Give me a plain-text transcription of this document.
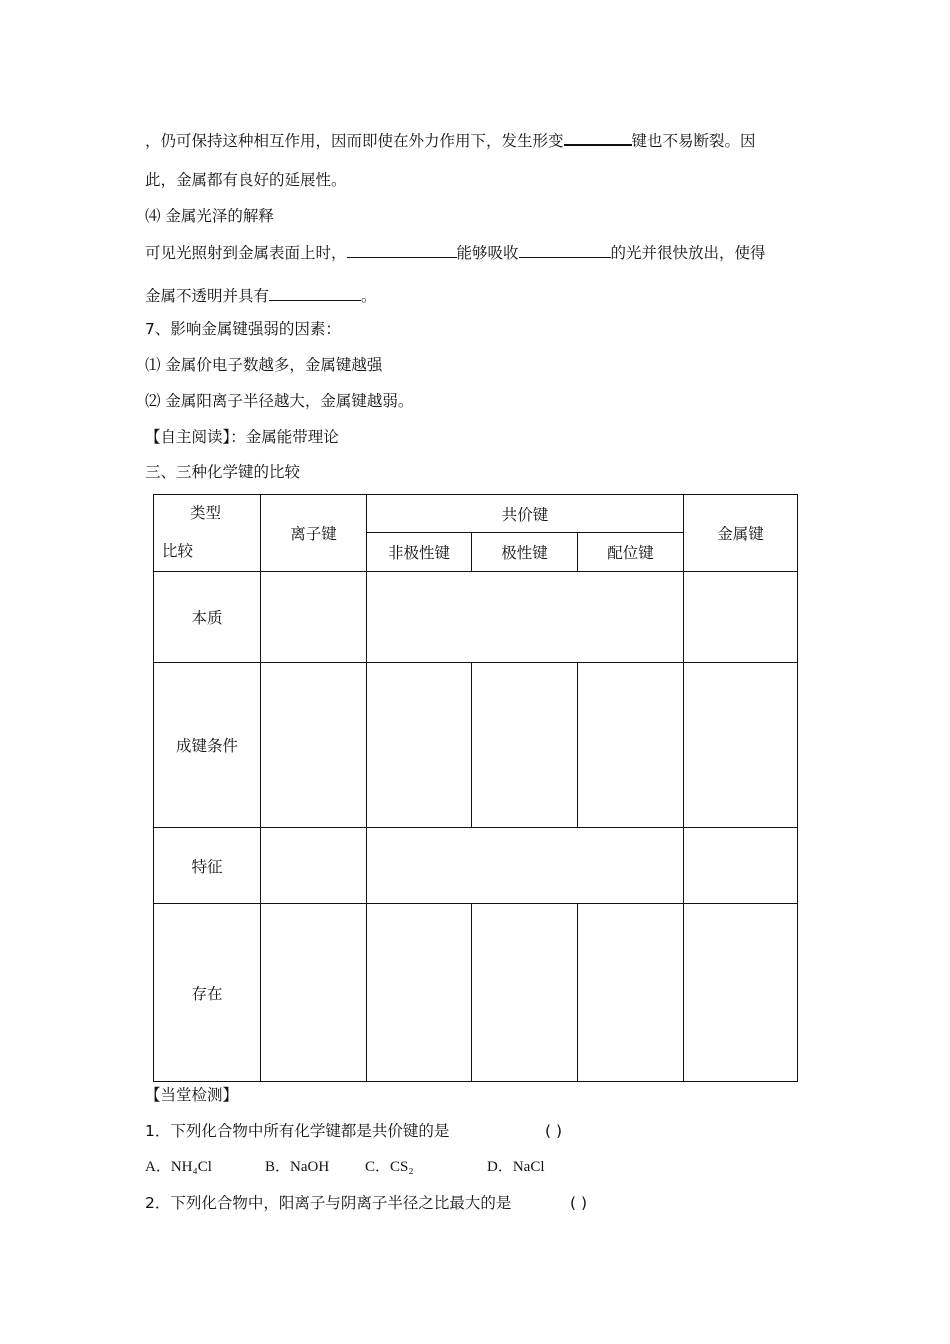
，仍可保持这种相互作用，因而即使在外力作用下，发生形变	键也不易断裂。因
此，金属都有良好的延展性。
⑷ 金属光泽的解释
可见光照射到金属表面上时，	能够吸收	的光并很快放出，使得
金属不透明并具有	。
7、影响金属键强弱的因素：
⑴ 金属价电子数越多，金属键越强
⑵ 金属阳离子半径越大，金属键越弱。
【自主阅读】：金属能带理论
三、三种化学键的比较
类型
比较	离子键	共价键			金属键
		非极性键	极性键	配位键	
本质					
成键条件					
特征					
存在					
【当堂检测】
1．下列化合物中所有化学键都是共价键的是	( )
A．NH₄Cl	B．NaOH C．CS₂	D．NaCl
2．下列化合物中，阳离子与阴离子半径之比最大的是	( )
